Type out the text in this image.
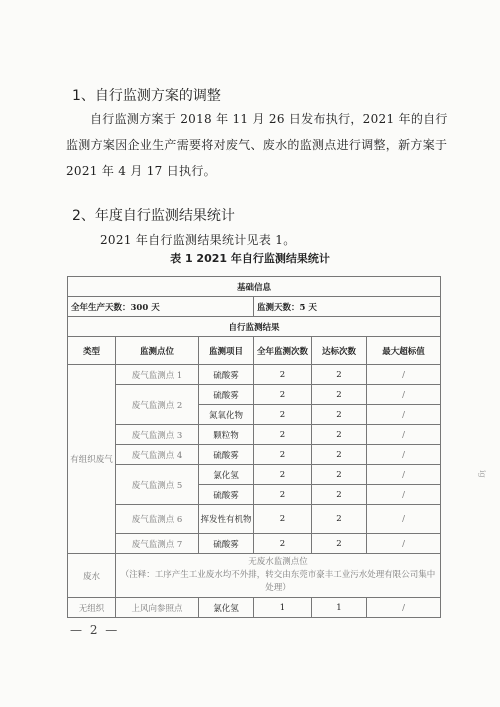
1、自行监测方案的调整
自行监测方案于 2018 年 11 月 26 日发布执行，2021 年的自行监测方案因企业生产需要将对废气、废水的监测点进行调整，新方案于 2021 年 4 月 17 日执行。
2、年度自行监测结果统计
2021 年自行监测结果统计见表 1。
表 1 2021 年自行监测结果统计
基础信息					
全年生产天数：300 天			监测天数：5 天		
自行监测结果					
类型	监测点位	监测项目	全年监测次数	达标次数	最大超标值
有组织废气	废气监测点 1	硫酸雾	2	2	/
	废气监测点 2	硫酸雾	2	2	/
		氮氧化物	2	2	/
	废气监测点 3	颗粒物	2	2	/
	废气监测点 4	硫酸雾	2	2	/
	废气监测点 5	氯化氢	2	2	/
		硫酸雾	2	2	/
	废气监测点 6	挥发性有机物	2	2	/
	废气监测点 7	硫酸雾	2	2	/
废水	无废水监测点位
（注释：工序产生工业废水均不外排，转交由东莞市豪丰工业污水处理有限公司集中处理）				

无组织	上风向参照点	氯化氢	1	1	/
— 2 —
ig
